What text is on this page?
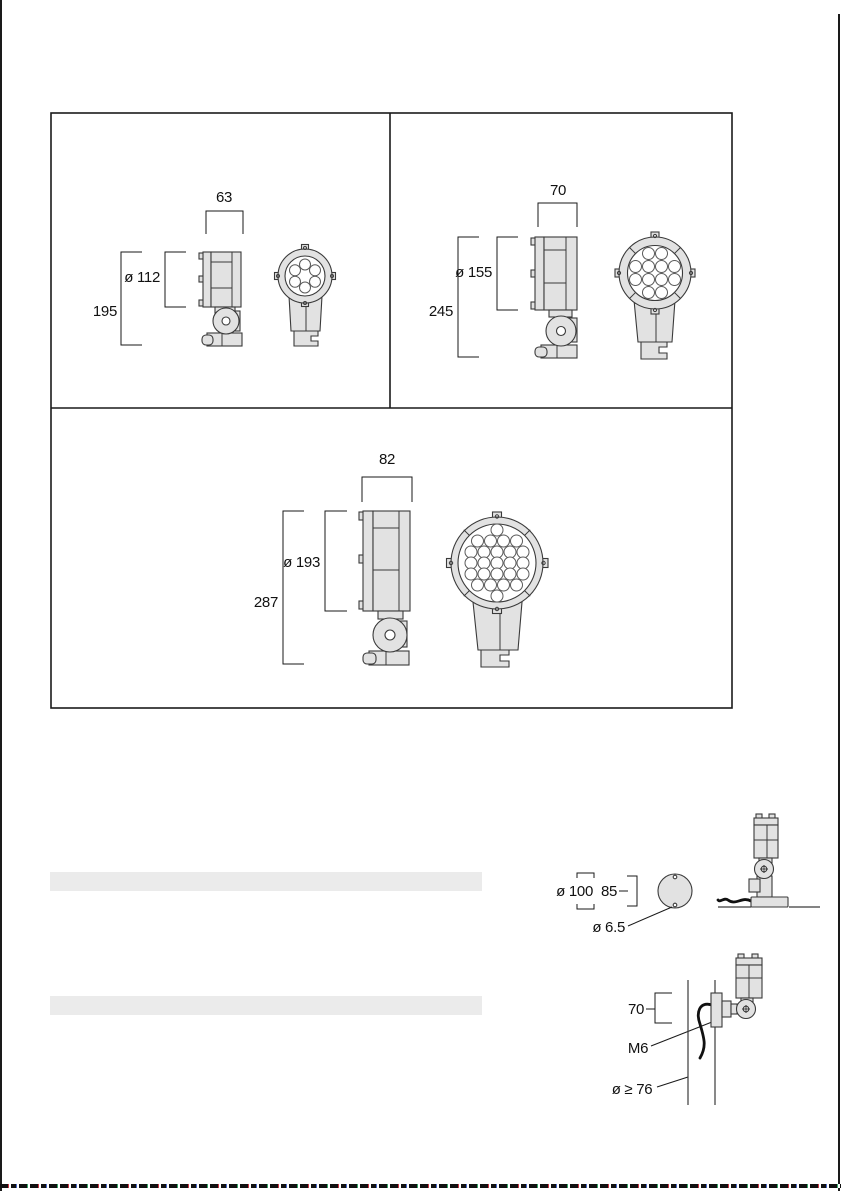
63
ø 112
195
70
ø 155
245
82
ø 193
287
ø 100 85
ø 6.5
70
M6
ø ≥ 76
